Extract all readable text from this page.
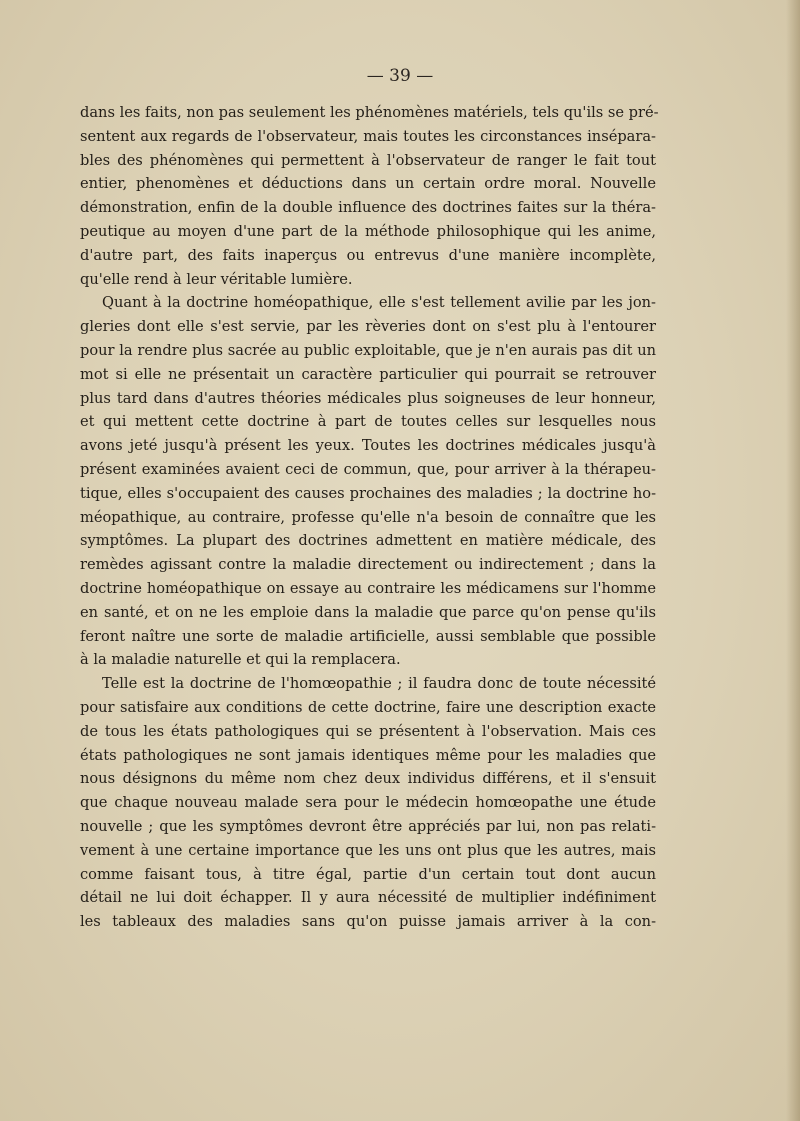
— 39 —
dans les faits, non pas seulement les phénomènes matériels, tels qu'ils se pré-
sentent aux regards de l'observateur, mais toutes les circonstances insépara-
bles des phénomènes qui permettent à l'observateur de ranger le fait tout
entier, phenomènes et déductions dans un certain ordre moral. Nouvelle
démonstration, enfin de la double influence des doctrines faites sur la théra-
peutique au moyen d'une part de la méthode philosophique qui les anime,
d'autre part, des faits inaperçus ou entrevus d'une manière incomplète,
qu'elle rend à leur véritable lumière.
Quant à la doctrine homéopathique, elle s'est tellement avilie par les jon-
gleries dont elle s'est servie, par les rèveries dont on s'est plu à l'entourer
pour la rendre plus sacrée au public exploitable, que je n'en aurais pas dit un
mot si elle ne présentait un caractère particulier qui pourrait se retrouver
plus tard dans d'autres théories médicales plus soigneuses de leur honneur,
et qui mettent cette doctrine à part de toutes celles sur lesquelles nous
avons jeté jusqu'à présent les yeux. Toutes les doctrines médicales jusqu'à
présent examinées avaient ceci de commun, que, pour arriver à la thérapeu-
tique, elles s'occupaient des causes prochaines des maladies ; la doctrine ho-
méopathique, au contraire, professe qu'elle n'a besoin de connaître que les
symptômes. La plupart des doctrines admettent en matière médicale, des
remèdes agissant contre la maladie directement ou indirectement ; dans la
doctrine homéopathique on essaye au contraire les médicamens sur l'homme
en santé, et on ne les emploie dans la maladie que parce qu'on pense qu'ils
feront naître une sorte de maladie artificielle, aussi semblable que possible
à la maladie naturelle et qui la remplacera.
Telle est la doctrine de l'homœopathie ; il faudra donc de toute nécessité
pour satisfaire aux conditions de cette doctrine, faire une description exacte
de tous les états pathologiques qui se présentent à l'observation. Mais ces
états pathologiques ne sont jamais identiques même pour les maladies que
nous désignons du même nom chez deux individus différens, et il s'ensuit
que chaque nouveau malade sera pour le médecin homœopathe une étude
nouvelle ; que les symptômes devront être appréciés par lui, non pas relati-
vement à une certaine importance que les uns ont plus que les autres, mais
comme faisant tous, à titre égal, partie d'un certain tout dont aucun
détail ne lui doit échapper. Il y aura nécessité de multiplier indéfiniment
les tableaux des maladies sans qu'on puisse jamais arriver à la con-
